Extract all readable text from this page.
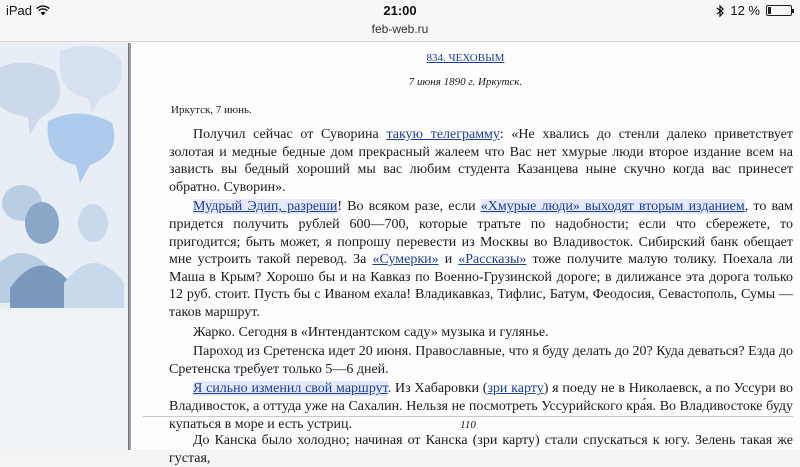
iPad	21:00	12 %
feb-web.ru
834. ЧЕХОВЫМ
7 июня 1890 г. Иркутск.
Иркутск, 7 июнь.

Получил сейчас от Суворина такую телеграмму: «Не хвались до стенли далеко приветствует золотая и медные бедные дом прекрасный жалеем что Вас нет хмурые люди второе издание всем на зависть вы бедный хороший мы вас любим студента Казанцева ныне скучно когда вас принесет обратно. Суворин».

Мудрый Эдип, разреши! Во всяком разе, если «Хмурые люди» выходят вторым изданием, то вам придется получить рублей 600—700, которые тратьте по надобности; если что сбережете, то пригодится; быть может, я попрошу перевести из Москвы во Владивосток. Сибирский банк обещает мне устроить такой перевод. За «Сумерки» и «Рассказы» тоже получите малую толику. Поехала ли Маша в Крым? Хорошо бы и на Кавказ по Военно-Грузинской дороге; в дилижансе эта дорога только 12 руб. стоит. Пусть бы с Иваном ехала! Владикавказ, Тифлис, Батум, Феодосия, Севастополь, Сумы — таков маршрут.

Жарко. Сегодня в «Интендантском саду» музыка и гулянье.

Пароход из Сретенска идет 20 июня. Православные, что я буду делать до 20? Куда деваться? Езда до Сретенска требует только 5—6 дней.

Я сильно изменил свой маршрут. Из Хабаровки (зри карту) я поеду не в Николаевск, а по Уссури во Владивосток, а оттуда уже на Сахалин. Нельзя не посмотреть Уссурийского кра́я. Во Владивостоке буду купаться в море и есть устриц.	110
До Канска было холодно; начиная от Канска (зри карту) стали спускаться к югу. Зелень такая же густая,
